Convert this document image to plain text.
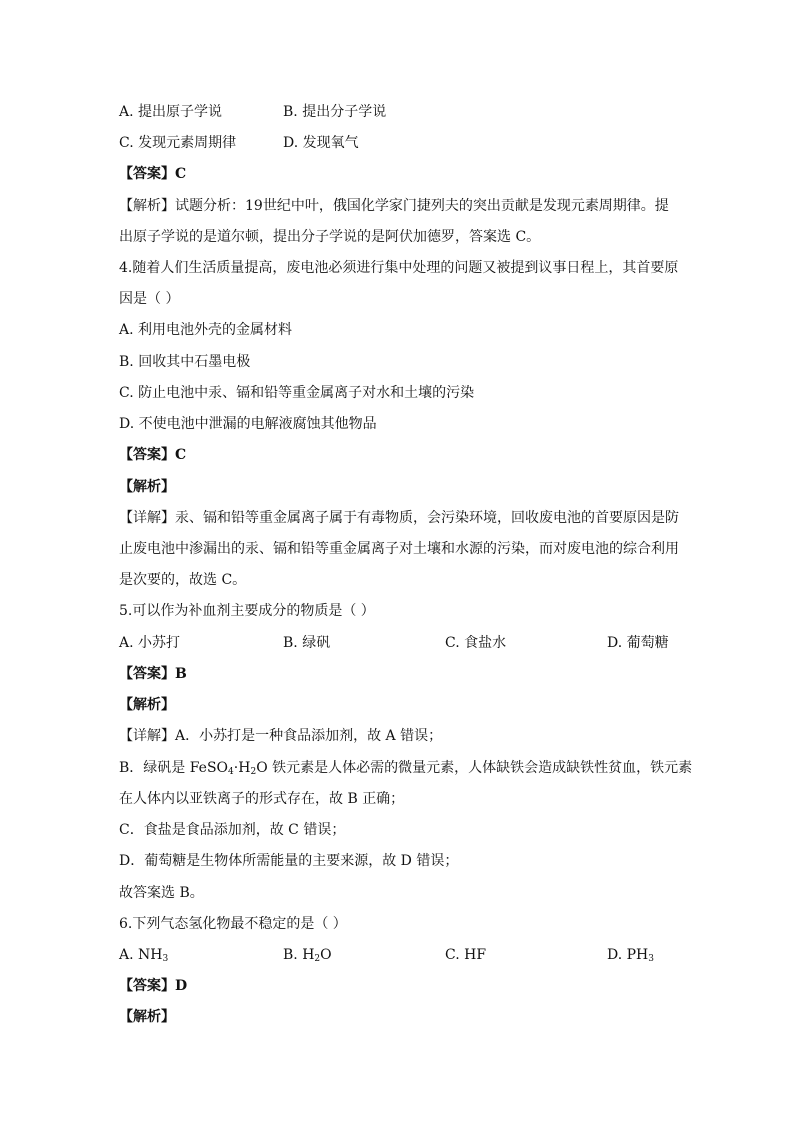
A. 提出原子学说	B. 提出分子学说
C. 发现元素周期律	D. 发现氧气
【答案】C
【解析】试题分析：19世纪中叶，俄国化学家门捷列夫的突出贡献是发现元素周期律。提
出原子学说的是道尔顿，提出分子学说的是阿伏加德罗，答案选 C。
4.随着人们生活质量提高，废电池必须进行集中处理的问题又被提到议事日程上，其首要原
因是（ ）
A. 利用电池外壳的金属材料
B. 回收其中石墨电极
C. 防止电池中汞、镉和铅等重金属离子对水和土壤的污染
D. 不使电池中泄漏的电解液腐蚀其他物品
【答案】C
【解析】
【详解】汞、镉和铅等重金属离子属于有毒物质，会污染环境，回收废电池的首要原因是防
止废电池中渗漏出的汞、镉和铅等重金属离子对土壤和水源的污染，而对废电池的综合利用
是次要的，故选 C。
5.可以作为补血剂主要成分的物质是（ ）
A. 小苏打	B. 绿矾	C. 食盐水	D. 葡萄糖
【答案】B
【解析】
【详解】A．小苏打是一种食品添加剂，故 A 错误；
B．绿矾是 $FeSO_4\cdot H_2O$ 铁元素是人体必需的微量元素，人体缺铁会造成缺铁性贫血，铁元素
在人体内以亚铁离子的形式存在，故 B 正确；
C．食盐是食品添加剂，故 C 错误；
D．葡萄糖是生物体所需能量的主要来源，故 D 错误；
故答案选 B。
6.下列气态氢化物最不稳定的是（ ）
A. $NH_3$	B. $H_2O$	C. HF	D. $PH_3$
【答案】D
【解析】
